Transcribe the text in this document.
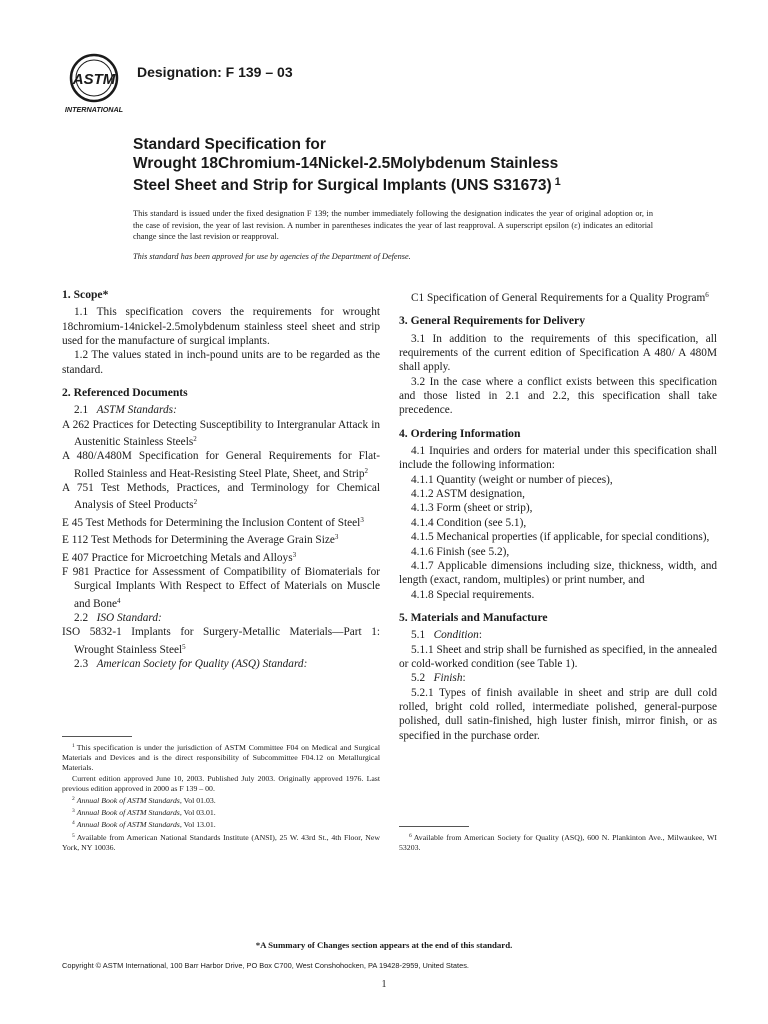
ASTM
INTERNATIONAL
Designation: F 139 – 03
Standard Specification for
Wrought 18Chromium-14Nickel-2.5Molybdenum Stainless
Steel Sheet and Strip for Surgical Implants (UNS S31673) $^1$
This standard is issued under the fixed designation F 139; the number immediately following the designation indicates the year of original adoption or, in the case of revision, the year of last revision. A number in parentheses indicates the year of last reapproval. A superscript epsilon (ε) indicates an editorial change since the last revision or reapproval.
This standard has been approved for use by agencies of the Department of Defense.
1. Scope*

1.1 This specification covers the requirements for wrought 18chromium-14nickel-2.5molybdenum stainless steel sheet and strip used for the manufacture of surgical implants.

1.2 The values stated in inch-pound units are to be regarded as the standard.

2. Referenced Documents

2.1 ASTM Standards:

A 262 Practices for Detecting Susceptibility to Intergranular Attack in Austenitic Stainless Steels$^2$

A 480/A480M Specification for General Requirements for Flat-Rolled Stainless and Heat-Resisting Steel Plate, Sheet, and Strip$^2$

A 751 Test Methods, Practices, and Terminology for Chemical Analysis of Steel Products$^2$

E 45 Test Methods for Determining the Inclusion Content of Steel$^3$

E 112 Test Methods for Determining the Average Grain Size$^3$

E 407 Practice for Microetching Metals and Alloys$^3$

F 981 Practice for Assessment of Compatibility of Biomaterials for Surgical Implants With Respect to Effect of Materials on Muscle and Bone$^4$

2.2 ISO Standard:

ISO 5832-1 Implants for Surgery-Metallic Materials—Part 1: Wrought Stainless Steel$^5$

2.3 American Society for Quality (ASQ) Standard:

C1 Specification of General Requirements for a Quality Program$^6$

3. General Requirements for Delivery

3.1 In addition to the requirements of this specification, all requirements of the current edition of Specification A 480/ A 480M shall apply.

3.2 In the case where a conflict exists between this specification and those listed in 2.1 and 2.2, this specification shall take precedence.

4. Ordering Information

4.1 Inquiries and orders for material under this specification shall include the following information:

4.1.1 Quantity (weight or number of pieces),

4.1.2 ASTM designation,

4.1.3 Form (sheet or strip),

4.1.4 Condition (see 5.1),

4.1.5 Mechanical properties (if applicable, for special conditions),

4.1.6 Finish (see 5.2),

4.1.7 Applicable dimensions including size, thickness, width, and length (exact, random, multiples) or print number, and

4.1.8 Special requirements.

5. Materials and Manufacture

5.1 Condition:

5.1.1 Sheet and strip shall be furnished as specified, in the annealed or cold-worked condition (see Table 1).

5.2 Finish:

5.2.1 Types of finish available in sheet and strip are dull cold rolled, bright cold rolled, intermediate polished, general-purpose polished, dull satin-finished, high luster finish, mirror finish, or as specified in the purchase order.

$^1$ This specification is under the jurisdiction of ASTM Committee F04 on Medical and Surgical Materials and Devices and is the direct responsibility of Subcommittee F04.12 on Metallurgical Materials.

Current edition approved June 10, 2003. Published July 2003. Originally approved 1976. Last previous edition approved in 2000 as F 139 – 00.

$^2$ Annual Book of ASTM Standards, Vol 01.03.

$^3$ Annual Book of ASTM Standards, Vol 03.01.

$^4$ Annual Book of ASTM Standards, Vol 13.01.

$^5$ Available from American National Standards Institute (ANSI), 25 W. 43rd St., 4th Floor, New York, NY 10036.

$^6$ Available from American Society for Quality (ASQ), 600 N. Plankinton Ave., Milwaukee, WI 53203.

*A Summary of Changes section appears at the end of this standard.
Copyright © ASTM International, 100 Barr Harbor Drive, PO Box C700, West Conshohocken, PA 19428-2959, United States.
1
